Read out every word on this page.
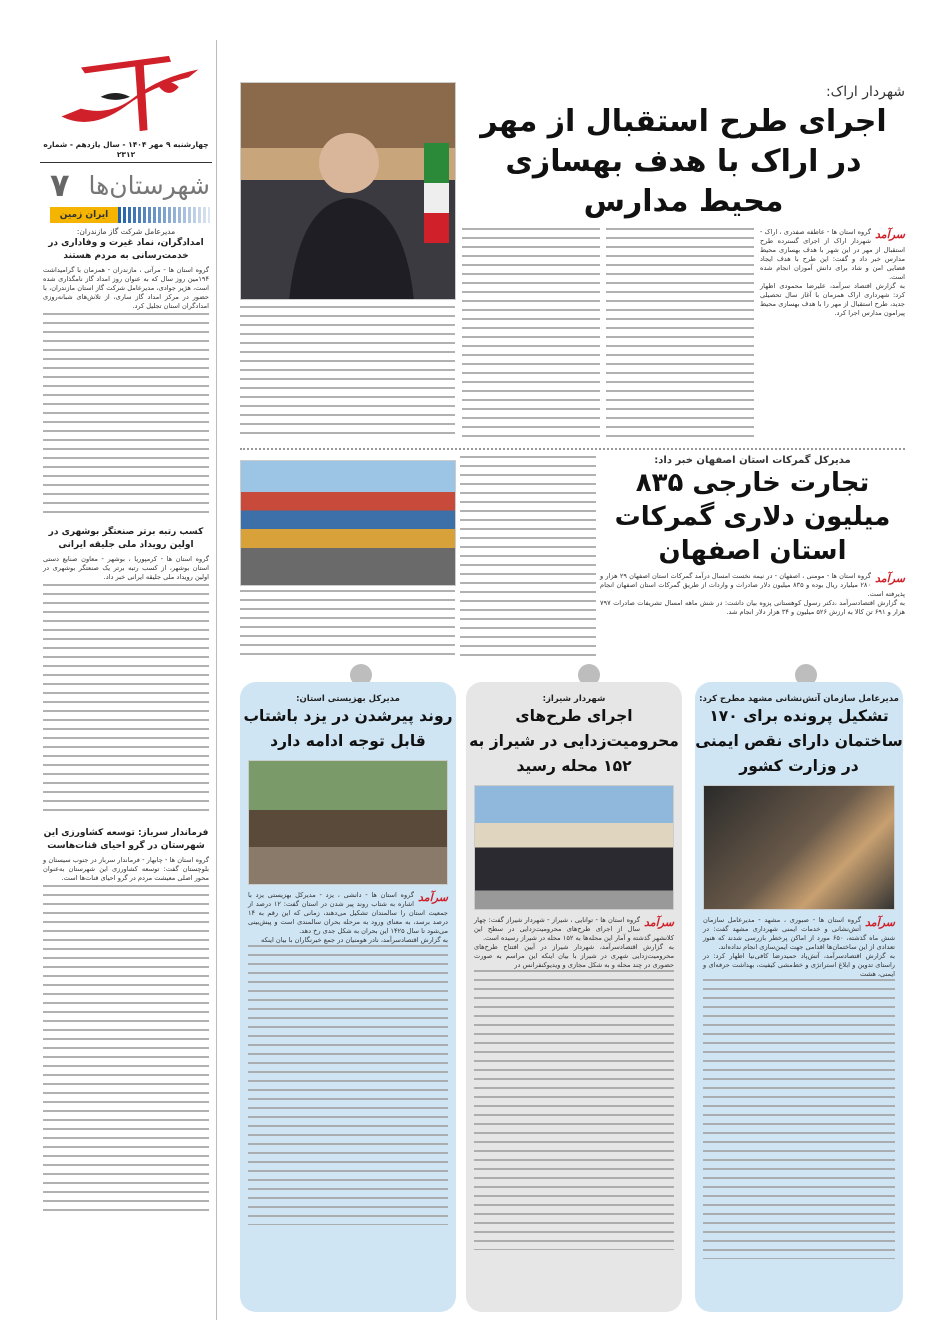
چهارشنبه ۹ مهر ۱۴۰۴ - سال یازدهم - شماره ۲۳۱۲
شهرستان‌ها
۷
ایران زمین
مدیرعامل شرکت گاز مازندران:
امدادگران، نماد غیرت و وفاداری در خدمت‌رسانی به مردم هستند
گروه استان ها - مرآتی ، مازندران - همزمان با گرامیداشت ۱۹۴مین روز سال که به عنوان روز امداد گاز نامگذاری شده است، هژیر جوادی، مدیرعامل شرکت گاز استان مازندران، با حضور در مرکز امداد گاز ساری، از تلاش‌های شبانه‌روزی امدادگران استان تجلیل کرد.
کسب رتبه برتر صنعتگر بوشهری در اولین رویداد ملی جلیقه ایرانی
گروه استان ها - کرمپوریا ، بوشهر - معاون صنایع دستی استان بوشهر، از کسب رتبه برتر یک صنعتگر بوشهری در اولین رویداد ملی جلیقه ایرانی خبر داد.
فرماندار سرباز: توسعه کشاورزی این شهرستان در گرو احیای قنات‌هاست
گروه استان ها - چابهار - فرماندار سرباز در جنوب سیستان و بلوچستان گفت: توسعه کشاورزی این شهرستان به‌عنوان محور اصلی معیشت مردم در گرو احیای قنات‌ها است.
شهردار اراک:
اجرای طرح استقبال از مهر در اراک با هدف بهسازی محیط مدارس
سرآمد
گروه استان ها - عاطفه صفدری ، اراک - شهردار اراک از اجرای گسترده طرح استقبال از مهر در این شهر با هدف بهسازی محیط مدارس خبر داد و گفت: این طرح با هدف ایجاد فضایی امن و شاد برای دانش آموزان انجام شده است.
به گزارش اقتصاد سرآمد، علیرضا محمودی اظهار کرد: شهرداری اراک همزمان با آغاز سال تحصیلی جدید، طرح استقبال از مهر را با هدف بهسازی محیط پیرامون مدارس اجرا کرد.
مدیرکل گمرکات استان اصفهان خبر داد:
تجارت خارجی ۸۳۵ میلیون دلاری گمرکات استان اصفهان
سرآمد
گروه استان ها - مومنی ، اصفهان - در نیمه نخست امسال درآمد گمرکات استان اصفهان ۲۹ هزار و ۲۸۰ میلیارد ریال بوده و ۸۳۵ میلیون دلار صادرات و واردات از طریق گمرکات استان اصفهان انجام پذیرفته است.
به گزارش اقتصادسرآمد ،دکتر رسول کوهستانی پزوه بیان داشت: در شش ماهه امسال تشریفات صادرات ۷۹۷ هزار و ۶۹۱ تن کالا به ارزش ۵۲۶ میلیون و ۳۴ هزار دلار انجام شد.
مدیرعامل سازمان آتش‌نشانی مشهد مطرح کرد:
تشکیل پرونده برای ۱۷۰ ساختمان دارای نقص ایمنی در وزارت کشور
سرآمد
گروه استان ها - صبوری ، مشهد - مدیرعامل سازمان آتش‌نشانی و خدمات ایمنی شهرداری مشهد گفت: در شش ماه گذشته، ۶۵۰ مورد از اماکن پرخطر بازرسی شدند که هنوز تعدادی از این ساختمان‌ها اقدامی جهت ایمن‌سازی انجام نداده‌اند.
به گزارش اقتصادسرآمد، آتش‌پاد حمیدرضا کافی‌نیا اظهار کرد: در راستای تدوین و ابلاغ استراتژی و خط‌مشی کیفیت، بهداشت حرفه‌ای و ایمنی، هشت
شهردار شیراز:
اجرای طرح‌های محرومیت‌زدایی در شیراز به ۱۵۲ محله رسید
سرآمد
گروه استان ها - توانایی ، شیراز - شهردار شیراز گفت: چهار سال از اجرای طرح‌های محرومیت‌زدایی در سطح این کلانشهر گذشته و آمار این محله‌ها به ۱۵۲ محله در شیراز رسیده است.
به گزارش اقتصادسرآمد، شهردار شیراز در آیین افتتاح طرح‌های محرومیت‌زدایی شهری در شیراز با بیان اینکه این مراسم به صورت حضوری در چند محله و به شکل مجازی و ویدیوکنفرانس در
مدیرکل بهزیستی استان:
روند پیرشدن در یزد باشتاب قابل توجه ادامه دارد
سرآمد
گروه استان ها - دانشی ، یزد - مدیرکل بهزیستی یزد با اشاره به شتاب روند پیر شدن در استان گفت: ۱۲ درصد از جمعیت استان را سالمندان تشکیل می‌دهند، زمانی که این رقم به ۱۴ درصد برسد، به معنای ورود به مرحله بحران سالمندی است و پیش‌بینی می‌شود تا سال ۱۴۲۵ این بحران به شکل جدی رخ دهد.
به گزارش اقتصادسرآمد، نادر هومنیان در جمع خبرنگاران با بیان اینکه
